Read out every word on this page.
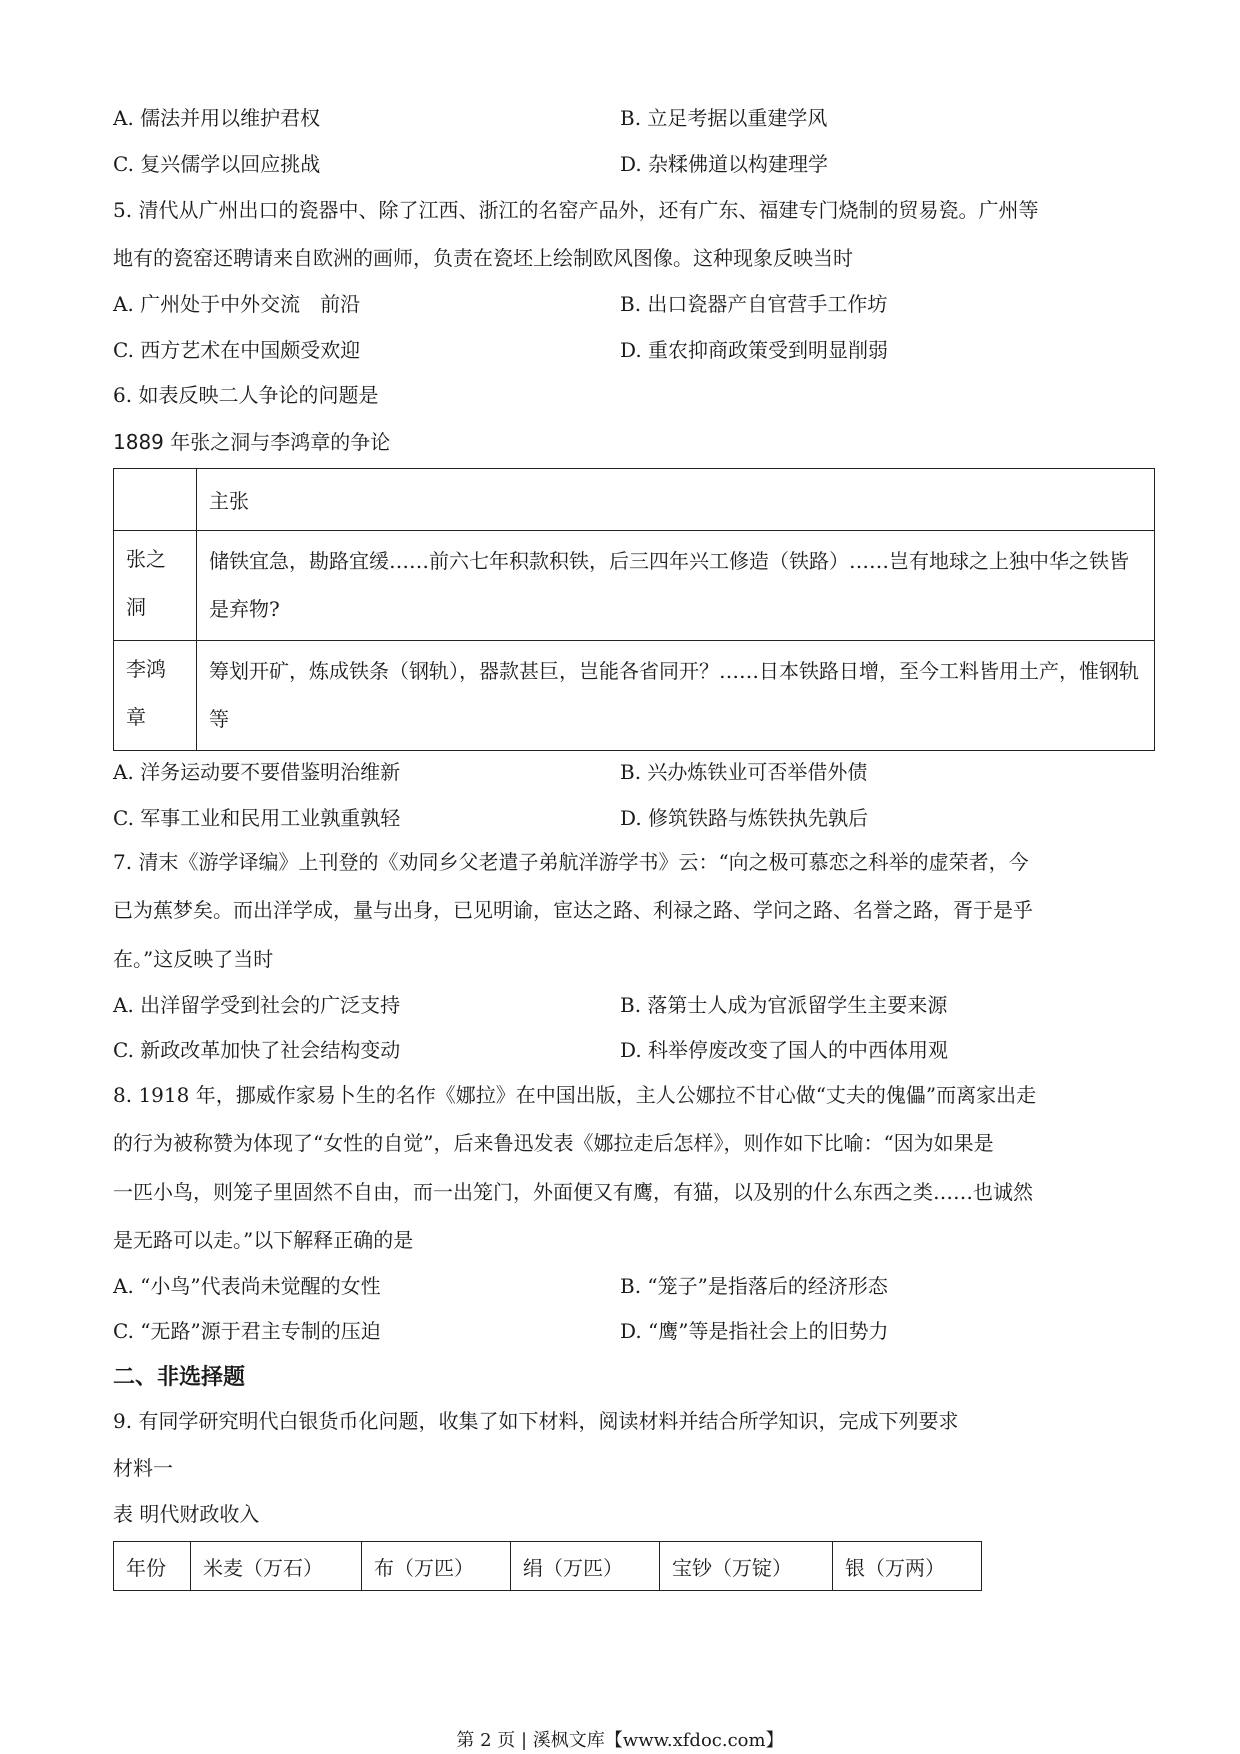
A. 儒法并用以维护君权	B. 立足考据以重建学风
C. 复兴儒学以回应挑战	D. 杂糅佛道以构建理学
5. 清代从广州出口的瓷器中、除了江西、浙江的名窑产品外，还有广东、福建专门烧制的贸易瓷。广州等
地有的瓷窑还聘请来自欧洲的画师，负责在瓷坯上绘制欧风图像。这种现象反映当时
A. 广州处于中外交流　前沿	B. 出口瓷器产自官营手工作坊
C. 西方艺术在中国颇受欢迎	D. 重农抑商政策受到明显削弱
6. 如表反映二人争论的问题是
1889 年张之洞与李鸿章的争论
	主张
张之洞	储铁宜急，勘路宜缓……前六七年积款积铁，后三四年兴工修造（铁路）……岂有地球之上独中华之铁皆是弃物?
李鸿章	筹划开矿，炼成铁条（钢轨），器款甚巨，岂能各省同开？……日本铁路日增，至今工料皆用土产，惟钢轨等
A. 洋务运动要不要借鉴明治维新	B. 兴办炼铁业可否举借外债
C. 军事工业和民用工业孰重孰轻	D. 修筑铁路与炼铁执先孰后
7. 清末《游学译编》上刊登的《劝同乡父老遣子弟航洋游学书》云：“向之极可慕恋之科举的虚荣者，今
已为蕉梦矣。而出洋学成，量与出身，已见明谕，宦达之路、利禄之路、学问之路、名誉之路，胥于是乎
在。”这反映了当时
A. 出洋留学受到社会的广泛支持	B. 落第士人成为官派留学生主要来源
C. 新政改革加快了社会结构变动	D. 科举停废改变了国人的中西体用观
8. 1918 年，挪威作家易卜生的名作《娜拉》在中国出版，主人公娜拉不甘心做“丈夫的傀儡”而离家出走
的行为被称赞为体现了“女性的自觉”，后来鲁迅发表《娜拉走后怎样》，则作如下比喻：“因为如果是
一匹小鸟，则笼子里固然不自由，而一出笼门，外面便又有鹰，有猫，以及别的什么东西之类……也诚然
是无路可以走。”以下解释正确的是
A. “小鸟”代表尚未觉醒的女性	B. “笼子”是指落后的经济形态
C. “无路”源于君主专制的压迫	D. “鹰”等是指社会上的旧势力
二、非选择题
9. 有同学研究明代白银货币化问题，收集了如下材料，阅读材料并结合所学知识，完成下列要求
材料一
表 明代财政收入
年份	米麦（万石）	布（万匹）	绢（万匹）	宝钞（万锭）	银（万两）
第 2 页 | 溪枫文库【www.xfdoc.com】
